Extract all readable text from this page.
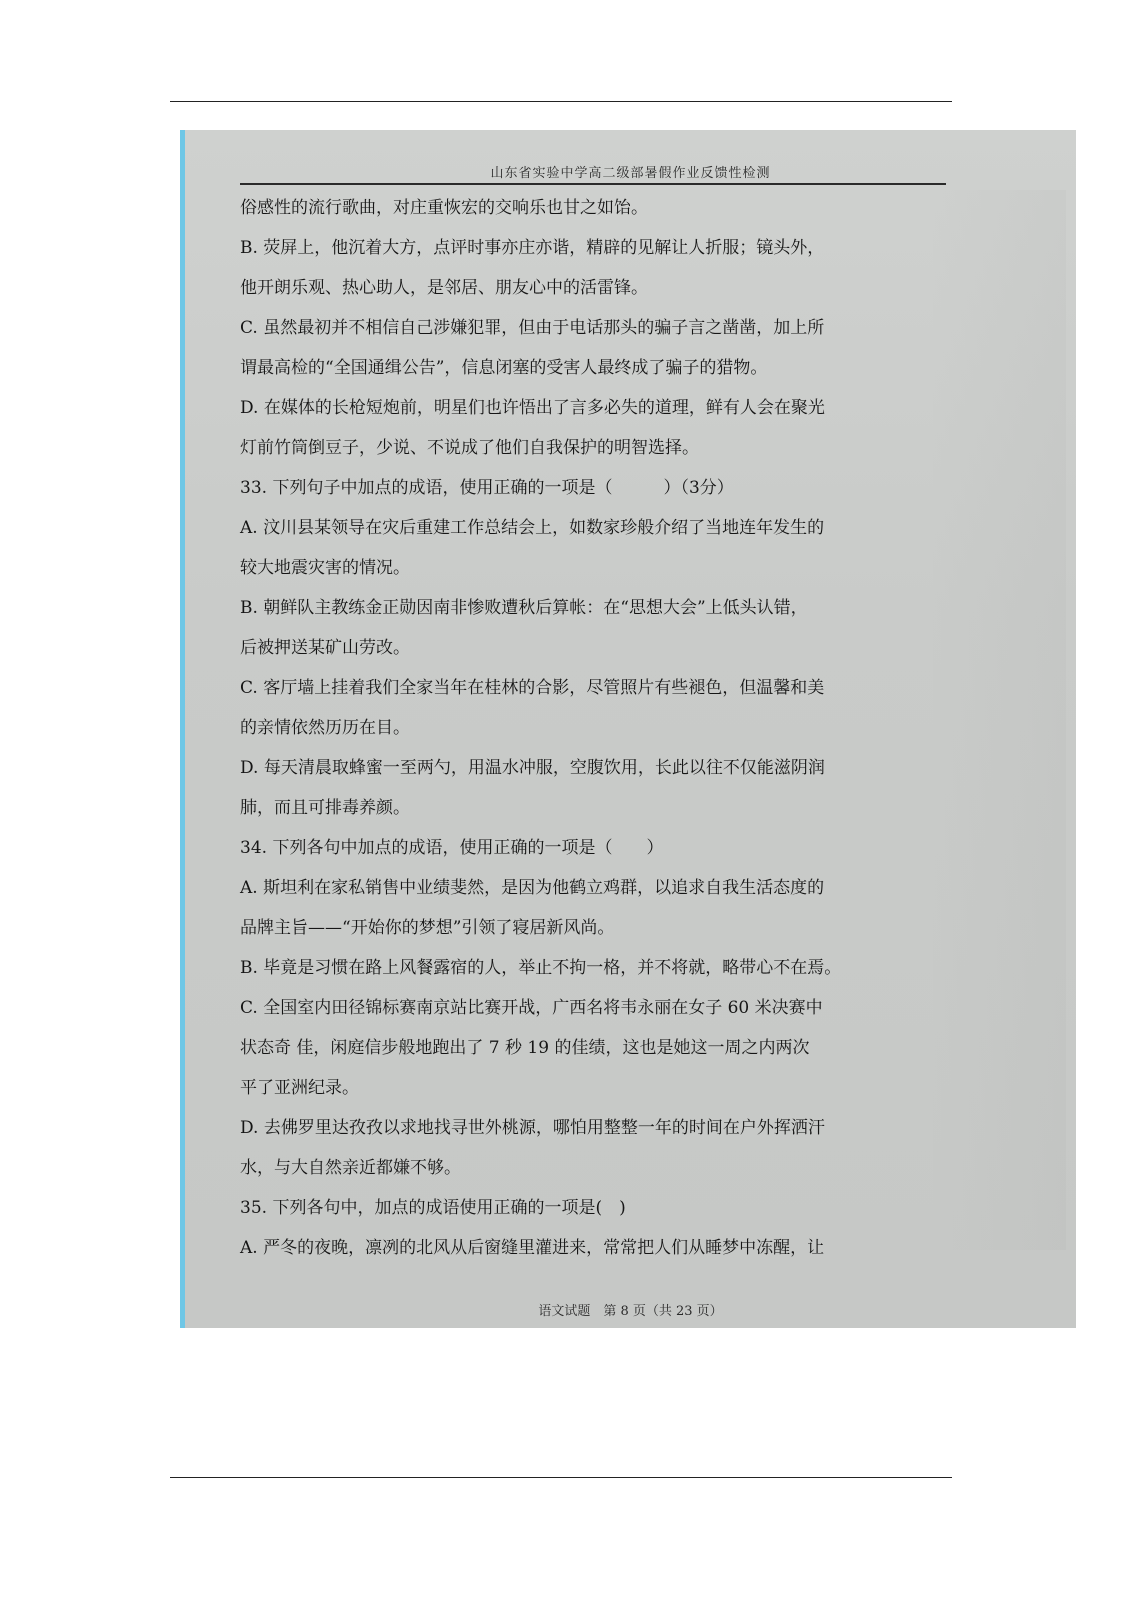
山东省实验中学高二级部暑假作业反馈性检测
俗感性的流行歌曲，对庄重恢宏的交响乐也甘之如饴。
B. 荧屏上，他沉着大方，点评时事亦庄亦谐，精辟的见解让人折服；镜头外，
他开朗乐观、热心助人，是邻居、朋友心中的活雷锋。
C. 虽然最初并不相信自己涉嫌犯罪，但由于电话那头的骗子言之凿凿，加上所
谓最高检的“全国通缉公告”，信息闭塞的受害人最终成了骗子的猎物。
D. 在媒体的长枪短炮前，明星们也许悟出了言多必失的道理，鲜有人会在聚光
灯前竹筒倒豆子，少说、不说成了他们自我保护的明智选择。
33. 下列句子中加点的成语，使用正确的一项是（　　　）（3分）
A. 汶川县某领导在灾后重建工作总结会上，如数家珍般介绍了当地连年发生的
较大地震灾害的情况。
B. 朝鲜队主教练金正勋因南非惨败遭秋后算帐：在“思想大会”上低头认错，
后被押送某矿山劳改。
C. 客厅墙上挂着我们全家当年在桂林的合影，尽管照片有些褪色，但温馨和美
的亲情依然历历在目。
D. 每天清晨取蜂蜜一至两勺，用温水冲服，空腹饮用，长此以往不仅能滋阴润
肺，而且可排毒养颜。
34. 下列各句中加点的成语，使用正确的一项是（　　）
A. 斯坦利在家私销售中业绩斐然，是因为他鹤立鸡群，以追求自我生活态度的
品牌主旨——“开始你的梦想”引领了寝居新风尚。
B. 毕竟是习惯在路上风餐露宿的人，举止不拘一格，并不将就，略带心不在焉。
C. 全国室内田径锦标赛南京站比赛开战，广西名将韦永丽在女子 60 米决赛中
状态奇 佳，闲庭信步般地跑出了 7 秒 19 的佳绩，这也是她这一周之内两次
平了亚洲纪录。
D. 去佛罗里达孜孜以求地找寻世外桃源，哪怕用整整一年的时间在户外挥洒汗
水，与大自然亲近都嫌不够。
35. 下列各句中，加点的成语使用正确的一项是(　)
A. 严冬的夜晚，凛冽的北风从后窗缝里灌进来，常常把人们从睡梦中冻醒，让
语文试题　第 8 页（共 23 页）
